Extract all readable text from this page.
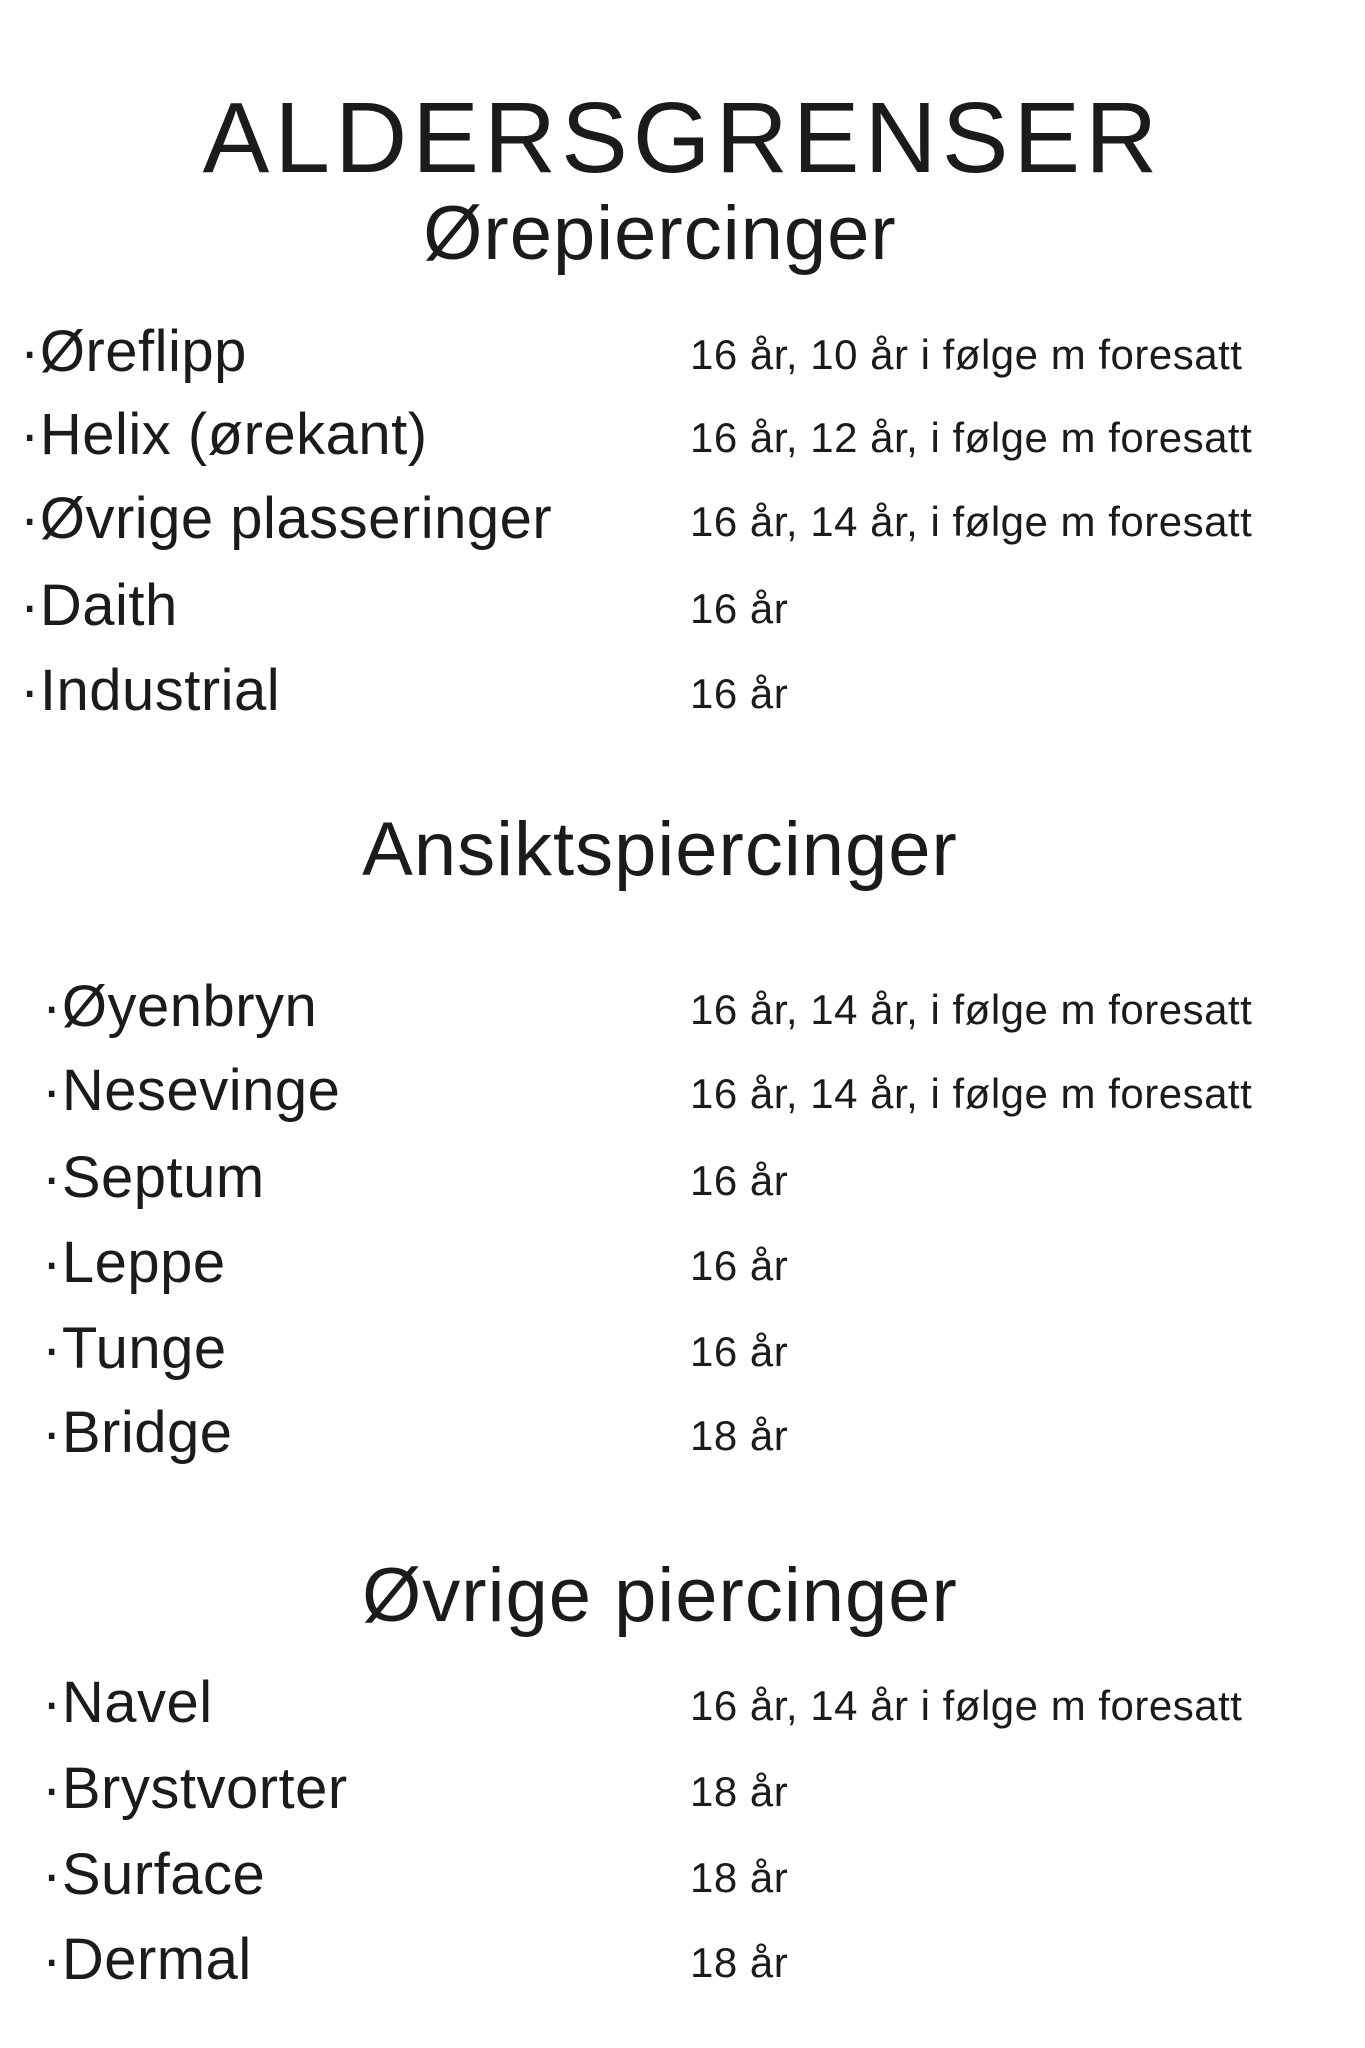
ALDERSGRENSER
Ørepiercinger
·Øreflipp	16 år, 10 år i følge m foresatt
·Helix (ørekant)	16 år, 12 år, i følge m foresatt
·Øvrige plasseringer	16 år, 14 år, i følge m foresatt
·Daith	16 år
·Industrial	16 år
Ansiktspiercinger
·Øyenbryn	16 år, 14 år, i følge m foresatt
·Nesevinge	16 år, 14 år, i følge m foresatt
·Septum	16 år
·Leppe	16 år
·Tunge	16 år
·Bridge	18 år
Øvrige piercinger
·Navel	16 år, 14 år i følge m foresatt
·Brystvorter	18 år
·Surface	18 år
·Dermal	18 år
